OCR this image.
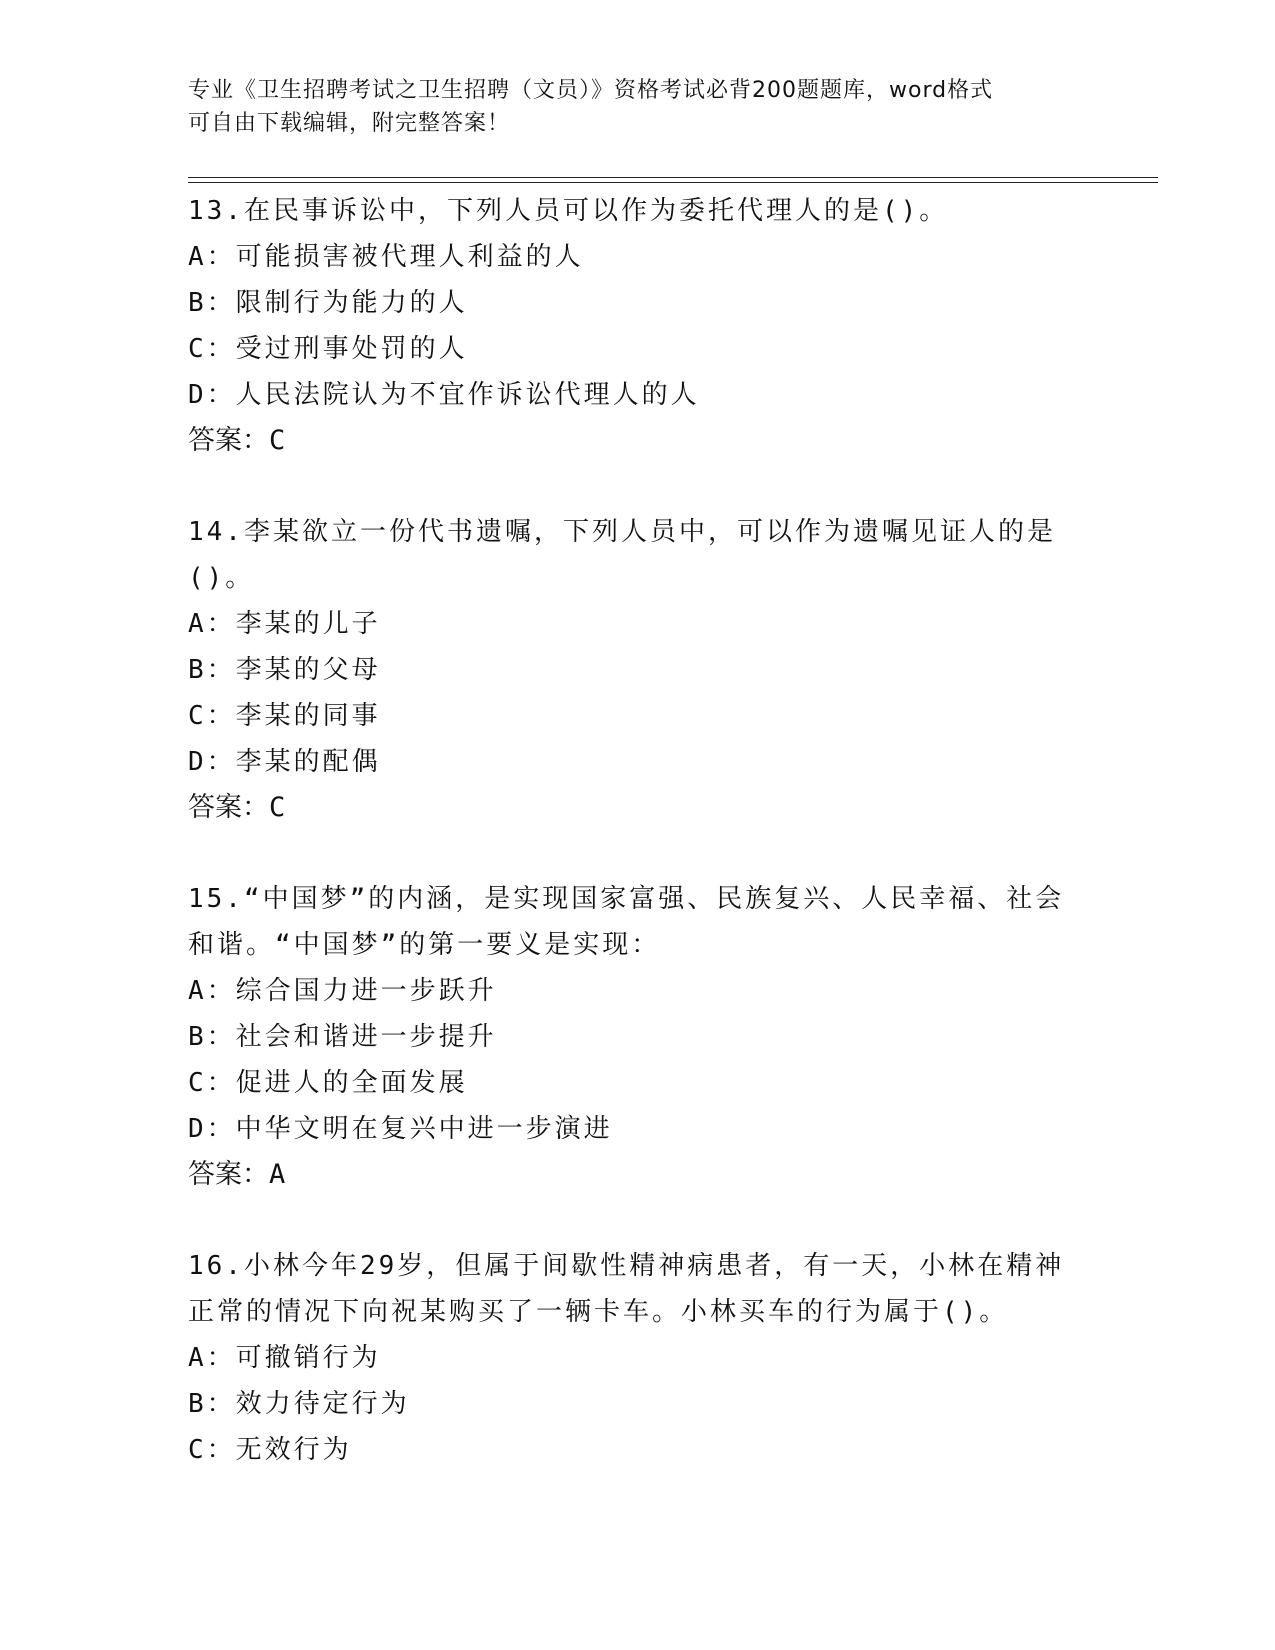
专业《卫生招聘考试之卫生招聘（文员）》资格考试必背200题题库，word格式
可自由下载编辑，附完整答案！
13.在民事诉讼中，下列人员可以作为委托代理人的是()。
A：可能损害被代理人利益的人
B：限制行为能力的人
C：受过刑事处罚的人
D：人民法院认为不宜作诉讼代理人的人
答案：C
14.李某欲立一份代书遗嘱，下列人员中，可以作为遗嘱见证人的是()。
A：李某的儿子
B：李某的父母
C：李某的同事
D：李某的配偶
答案：C
15.“中国梦”的内涵，是实现国家富强、民族复兴、人民幸福、社会和谐。“中国梦”的第一要义是实现：
A：综合国力进一步跃升
B：社会和谐进一步提升
C：促进人的全面发展
D：中华文明在复兴中进一步演进
答案：A
16.小林今年29岁，但属于间歇性精神病患者，有一天，小林在精神正常的情况下向祝某购买了一辆卡车。小林买车的行为属于()。
A：可撤销行为
B：效力待定行为
C：无效行为
